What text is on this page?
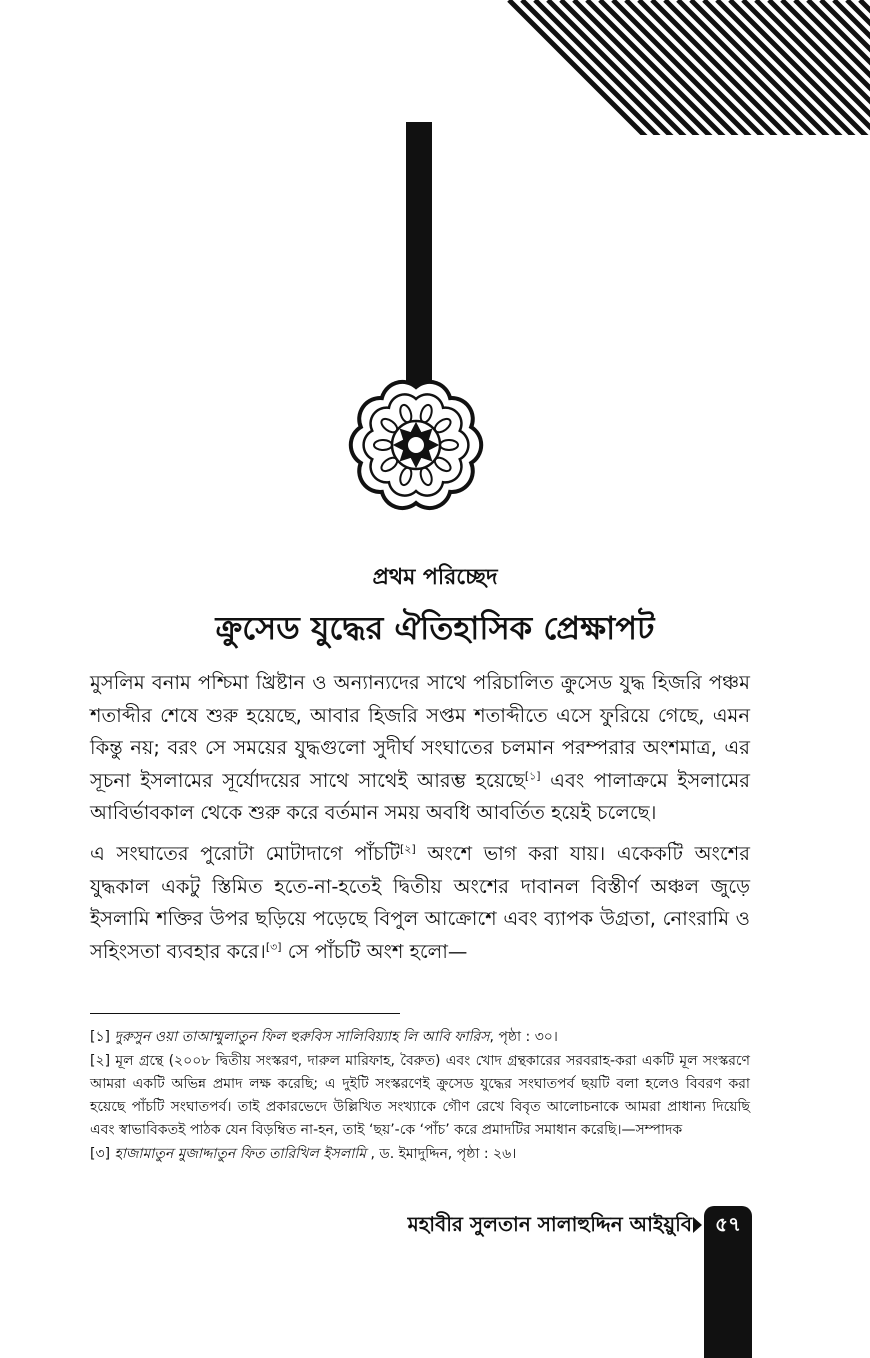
প্রথম পরিচ্ছেদ
ক্রুসেড যুদ্ধের ঐতিহাসিক প্রেক্ষাপট

মুসলিম বনাম পশ্চিমা খ্রিষ্টান ও অন্যান্যদের সাথে পরিচালিত ক্রুসেড যুদ্ধ হিজরি পঞ্চম শতাব্দীর শেষে শুরু হয়েছে, আবার হিজরি সপ্তম শতাব্দীতে এসে ফুরিয়ে গেছে, এমন কিন্তু নয়; বরং সে সময়ের যুদ্ধগুলো সুদীর্ঘ সংঘাতের চলমান পরম্পরার অংশমাত্র, এর সূচনা ইসলামের সূর্যোদয়ের সাথে সাথেই আরম্ভ হয়েছে[১] এবং পালাক্রমে ইসলামের আবির্ভাবকাল থেকে শুরু করে বর্তমান সময় অবধি আবর্তিত হয়েই চলেছে।

এ সংঘাতের পুরোটা মোটাদাগে পাঁচটি[২] অংশে ভাগ করা যায়। একেকটি অংশের যুদ্ধকাল একটু স্তিমিত হতে-না-হতেই দ্বিতীয় অংশের দাবানল বিস্তীর্ণ অঞ্চল জুড়ে ইসলামি শক্তির উপর ছড়িয়ে পড়েছে বিপুল আক্রোশে এবং ব্যাপক উগ্রতা, নোংরামি ও সহিংসতা ব্যবহার করে।[৩] সে পাঁচটি অংশ হলো—

[১] দুরুসুন ওয়া তাআম্মুলাতুন ফিল হুরুবিস সালিবিয়্যাহ লি আবি ফারিস, পৃষ্ঠা : ৩০।

[২] মূল গ্রন্থে (২০০৮ দ্বিতীয় সংস্করণ, দারুল মারিফাহ, বৈরুত) এবং খোদ গ্রন্থকারের সরবরাহ-করা একটি মূল সংস্করণে আমরা একটি অভিন্ন প্রমাদ লক্ষ করেছি; এ দুইটি সংস্করণেই ক্রুসেড যুদ্ধের সংঘাতপর্ব ছয়টি বলা হলেও বিবরণ করা হয়েছে পাঁচটি সংঘাতপর্ব। তাই প্রকারভেদে উল্লিখিত সংখ্যাকে গৌণ রেখে বিবৃত আলোচনাকে আমরা প্রাধান্য দিয়েছি এবং স্বাভাবিকতই পাঠক যেন বিড়ম্বিত না-হন, তাই ‘ছয়’-কে ‘পাঁচ’ করে প্রমাদটির সমাধান করেছি।—সম্পাদক

[৩] হাজামাতুন মুজাদ্দাতুন ফিত তারিখিল ইসলামি , ড. ইমাদুদ্দিন, পৃষ্ঠা : ২৬।

মহাবীর সুলতান সালাহুদ্দিন আইয়ুবি	৫৭
